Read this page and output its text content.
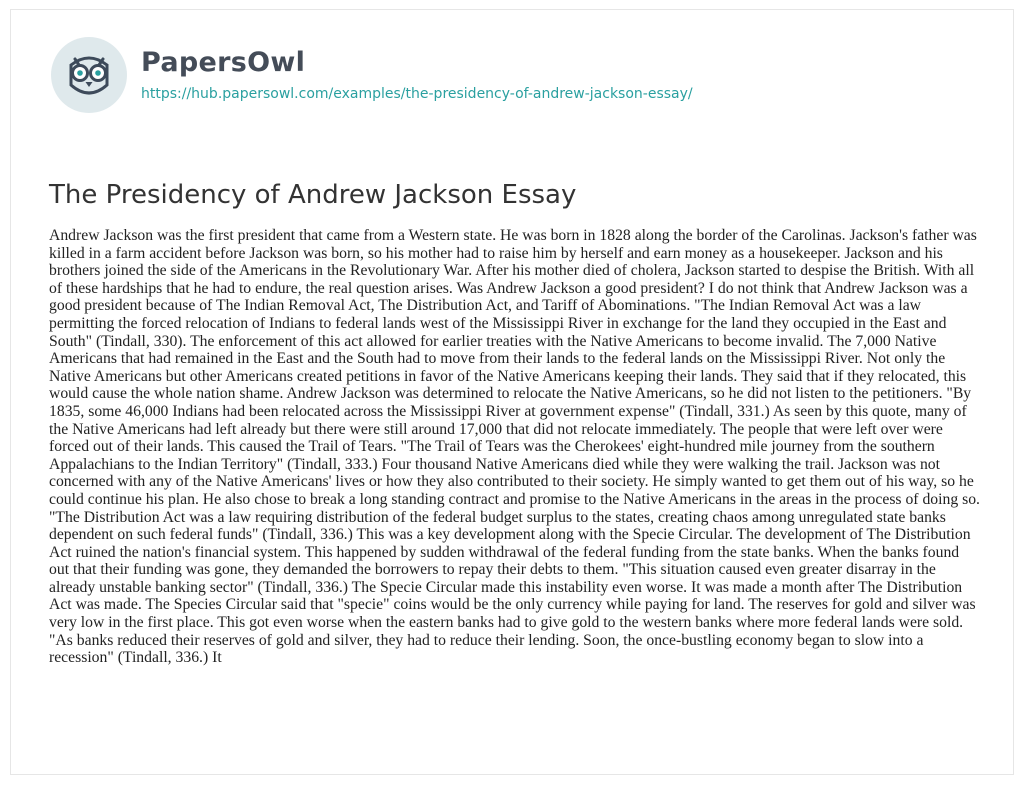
PapersOwl
https://hub.papersowl.com/examples/the-presidency-of-andrew-jackson-essay/
The Presidency of Andrew Jackson Essay

Andrew Jackson was the first president that came from a Western state. He was born in 1828 along the border of the Carolinas. Jackson's father was killed in a farm accident before Jackson was born, so his mother had to raise him by herself and earn money as a housekeeper. Jackson and his brothers joined the side of the Americans in the Revolutionary War. After his mother died of cholera, Jackson started to despise the British. With all of these hardships that he had to endure, the real question arises. Was Andrew Jackson a good president? I do not think that Andrew Jackson was a good president because of The Indian Removal Act, The Distribution Act, and Tariff of Abominations. "The Indian Removal Act was a law permitting the forced relocation of Indians to federal lands west of the Mississippi River in exchange for the land they occupied in the East and South" (Tindall, 330). The enforcement of this act allowed for earlier treaties with the Native Americans to become invalid. The 7,000 Native Americans that had remained in the East and the South had to move from their lands to the federal lands on the Mississippi River. Not only the Native Americans but other Americans created petitions in favor of the Native Americans keeping their lands. They said that if they relocated, this would cause the whole nation shame. Andrew Jackson was determined to relocate the Native Americans, so he did not listen to the petitioners. "By 1835, some 46,000 Indians had been relocated across the Mississippi River at government expense" (Tindall, 331.) As seen by this quote, many of the Native Americans had left already but there were still around 17,000 that did not relocate immediately. The people that were left over were forced out of their lands. This caused the Trail of Tears. "The Trail of Tears was the Cherokees' eight-hundred mile journey from the southern Appalachians to the Indian Territory" (Tindall, 333.) Four thousand Native Americans died while they were walking the trail. Jackson was not concerned with any of the Native Americans' lives or how they also contributed to their society. He simply wanted to get them out of his way, so he could continue his plan. He also chose to break a long standing contract and promise to the Native Americans in the areas in the process of doing so. "The Distribution Act was a law requiring distribution of the federal budget surplus to the states, creating chaos among unregulated state banks dependent on such federal funds" (Tindall, 336.) This was a key development along with the Specie Circular. The development of The Distribution Act ruined the nation's financial system. This happened by sudden withdrawal of the federal funding from the state banks. When the banks found out that their funding was gone, they demanded the borrowers to repay their debts to them. "This situation caused even greater disarray in the already unstable banking sector" (Tindall, 336.) The Specie Circular made this instability even worse. It was made a month after The Distribution Act was made. The Species Circular said that "specie" coins would be the only currency while paying for land. The reserves for gold and silver was very low in the first place. This got even worse when the eastern banks had to give gold to the western banks where more federal lands were sold. "As banks reduced their reserves of gold and silver, they had to reduce their lending. Soon, the once-bustling economy began to slow into a recession" (Tindall, 336.) It
